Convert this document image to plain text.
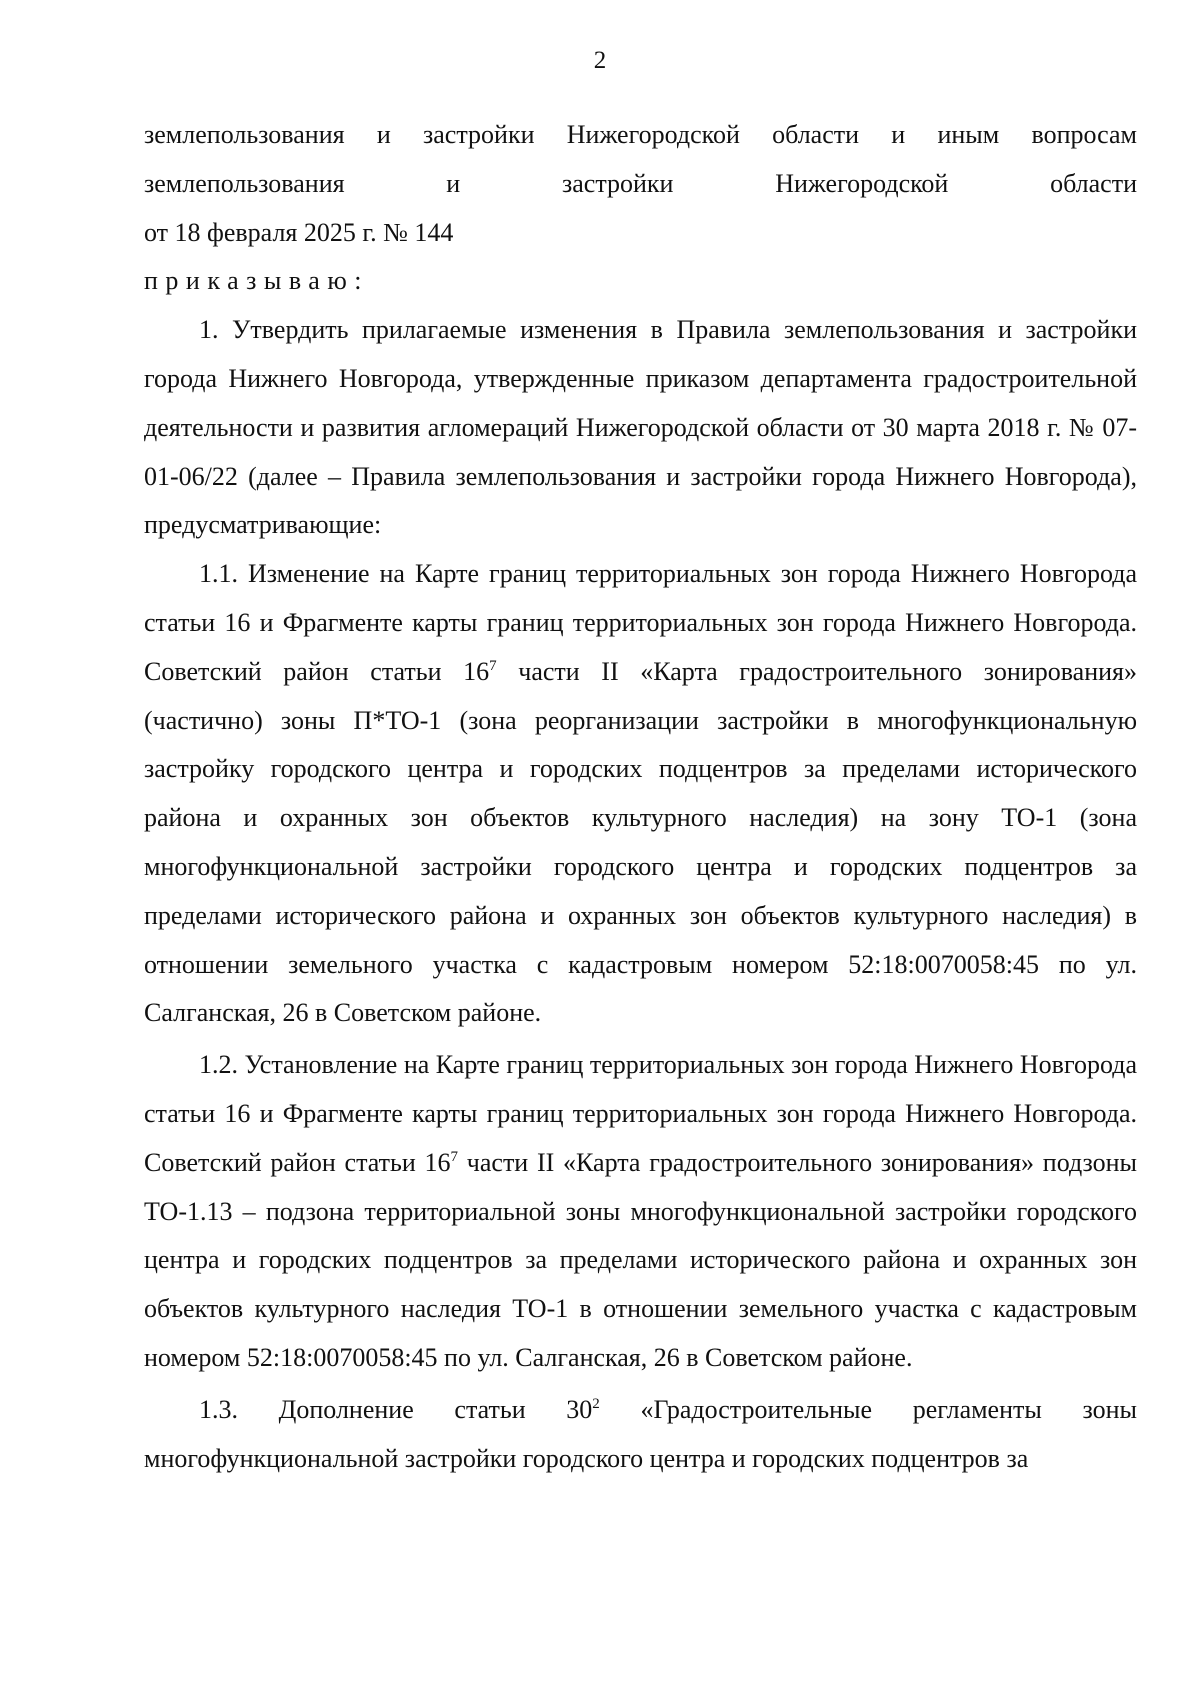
2

землепользования и застройки Нижегородской области и иным вопросам

землепользования и застройки Нижегородской области

от 18 февраля 2025 г. № 144

приказываю:

1. Утвердить прилагаемые изменения в Правила землепользования и застройки города Нижнего Новгорода, утвержденные приказом департамента градостроительной деятельности и развития агломераций Нижегородской области от 30 марта 2018 г. № 07-01-06/22 (далее – Правила землепользования и застройки города Нижнего Новгорода), предусматривающие:

1.1. Изменение на Карте границ территориальных зон города Нижнего Новгорода статьи 16 и Фрагменте карты границ территориальных зон города Нижнего Новгорода. Советский район статьи $16^7$ части II «Карта градостроительного зонирования» (частично) зоны П*ТО-1 (зона реорганизации застройки в многофункциональную застройку городского центра и городских подцентров за пределами исторического района и охранных зон объектов культурного наследия) на зону ТО-1 (зона многофункциональной застройки городского центра и городских подцентров за пределами исторического района и охранных зон объектов культурного наследия) в отношении земельного участка с кадастровым номером 52:18:0070058:45 по ул. Салганская, 26 в Советском районе.

1.2. Установление на Карте границ территориальных зон города Нижнего Новгорода статьи 16 и Фрагменте карты границ территориальных зон города Нижнего Новгорода. Советский район статьи $16^7$ части II «Карта градостроительного зонирования» подзоны ТО-1.13 – подзона территориальной зоны многофункциональной застройки городского центра и городских подцентров за пределами исторического района и охранных зон объектов культурного наследия ТО-1 в отношении земельного участка с кадастровым номером 52:18:0070058:45 по ул. Салганская, 26 в Советском районе.

1.3. Дополнение статьи $30^2$ «Градостроительные регламенты зоны многофункциональной застройки городского центра и городских подцентров за
